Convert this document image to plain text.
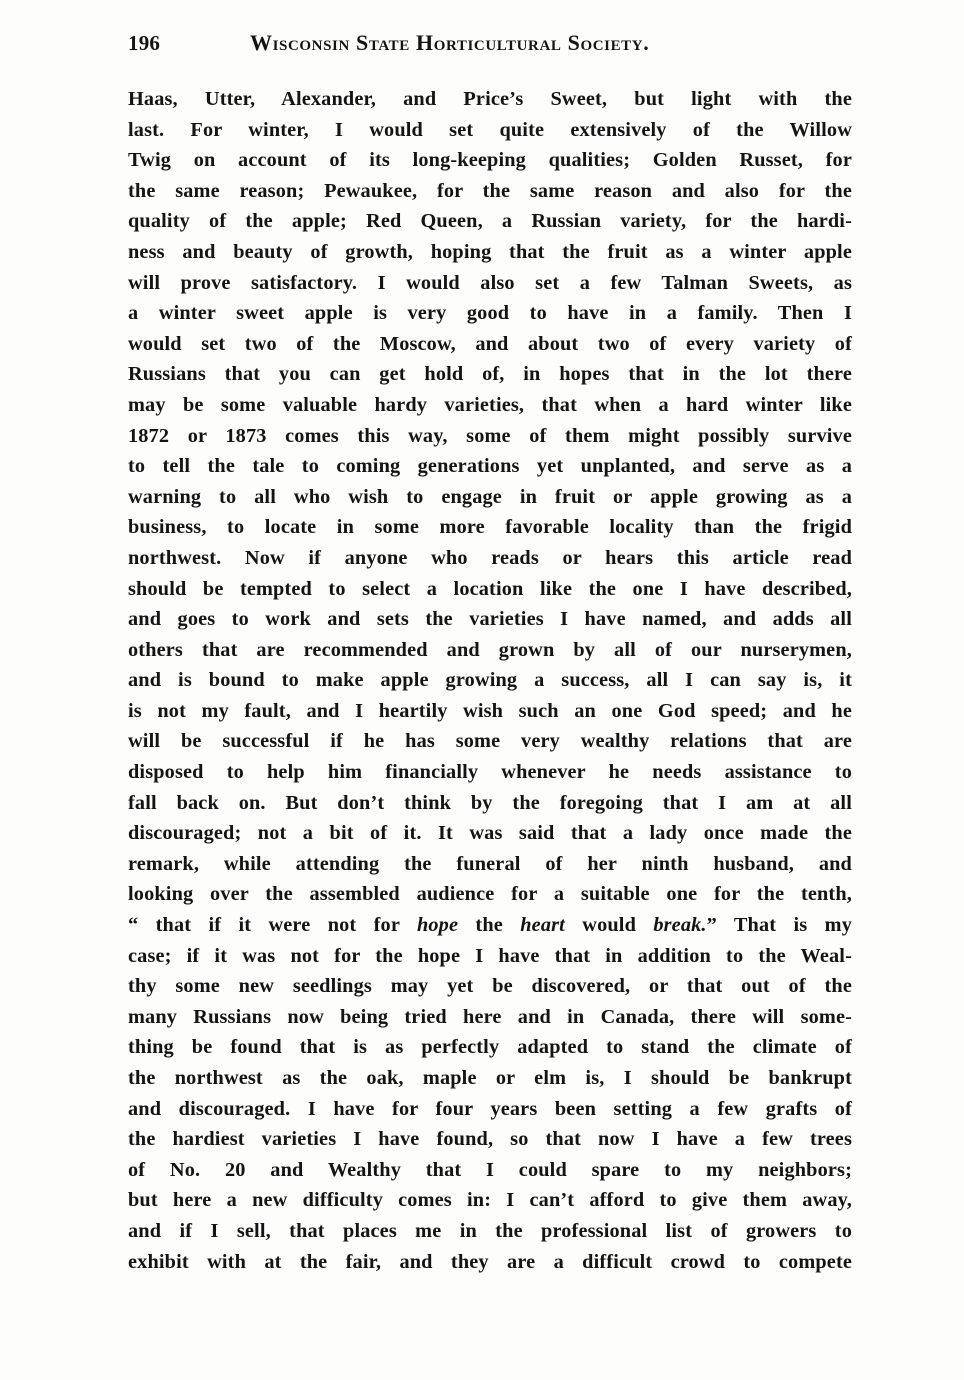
196	Wisconsin State Horticultural Society.
Haas, Utter, Alexander, and Price’s Sweet, but light with the
last. For winter, I would set quite extensively of the Willow
Twig on account of its long-keeping qualities; Golden Russet, for
the same reason; Pewaukee, for the same reason and also for the
quality of the apple; Red Queen, a Russian variety, for the hardi-
ness and beauty of growth, hoping that the fruit as a winter apple
will prove satisfactory. I would also set a few Talman Sweets, as
a winter sweet apple is very good to have in a family. Then I
would set two of the Moscow, and about two of every variety of
Russians that you can get hold of, in hopes that in the lot there
may be some valuable hardy varieties, that when a hard winter like
1872 or 1873 comes this way, some of them might possibly survive
to tell the tale to coming generations yet unplanted, and serve as a
warning to all who wish to engage in fruit or apple growing as a
business, to locate in some more favorable locality than the frigid
northwest. Now if anyone who reads or hears this article read
should be tempted to select a location like the one I have described,
and goes to work and sets the varieties I have named, and adds all
others that are recommended and grown by all of our nurserymen,
and is bound to make apple growing a success, all I can say is, it
is not my fault, and I heartily wish such an one God speed; and he
will be successful if he has some very wealthy relations that are
disposed to help him financially whenever he needs assistance to
fall back on. But don’t think by the foregoing that I am at all
discouraged; not a bit of it. It was said that a lady once made the
remark, while attending the funeral of her ninth husband, and
looking over the assembled audience for a suitable one for the tenth,
“ that if it were not for hope the heart would break.” That is my
case; if it was not for the hope I have that in addition to the Weal-
thy some new seedlings may yet be discovered, or that out of the
many Russians now being tried here and in Canada, there will some-
thing be found that is as perfectly adapted to stand the climate of
the northwest as the oak, maple or elm is, I should be bankrupt
and discouraged. I have for four years been setting a few grafts of
the hardiest varieties I have found, so that now I have a few trees
of No. 20 and Wealthy that I could spare to my neighbors;
but here a new difficulty comes in: I can’t afford to give them away,
and if I sell, that places me in the professional list of growers to
exhibit with at the fair, and they are a difficult crowd to compete
